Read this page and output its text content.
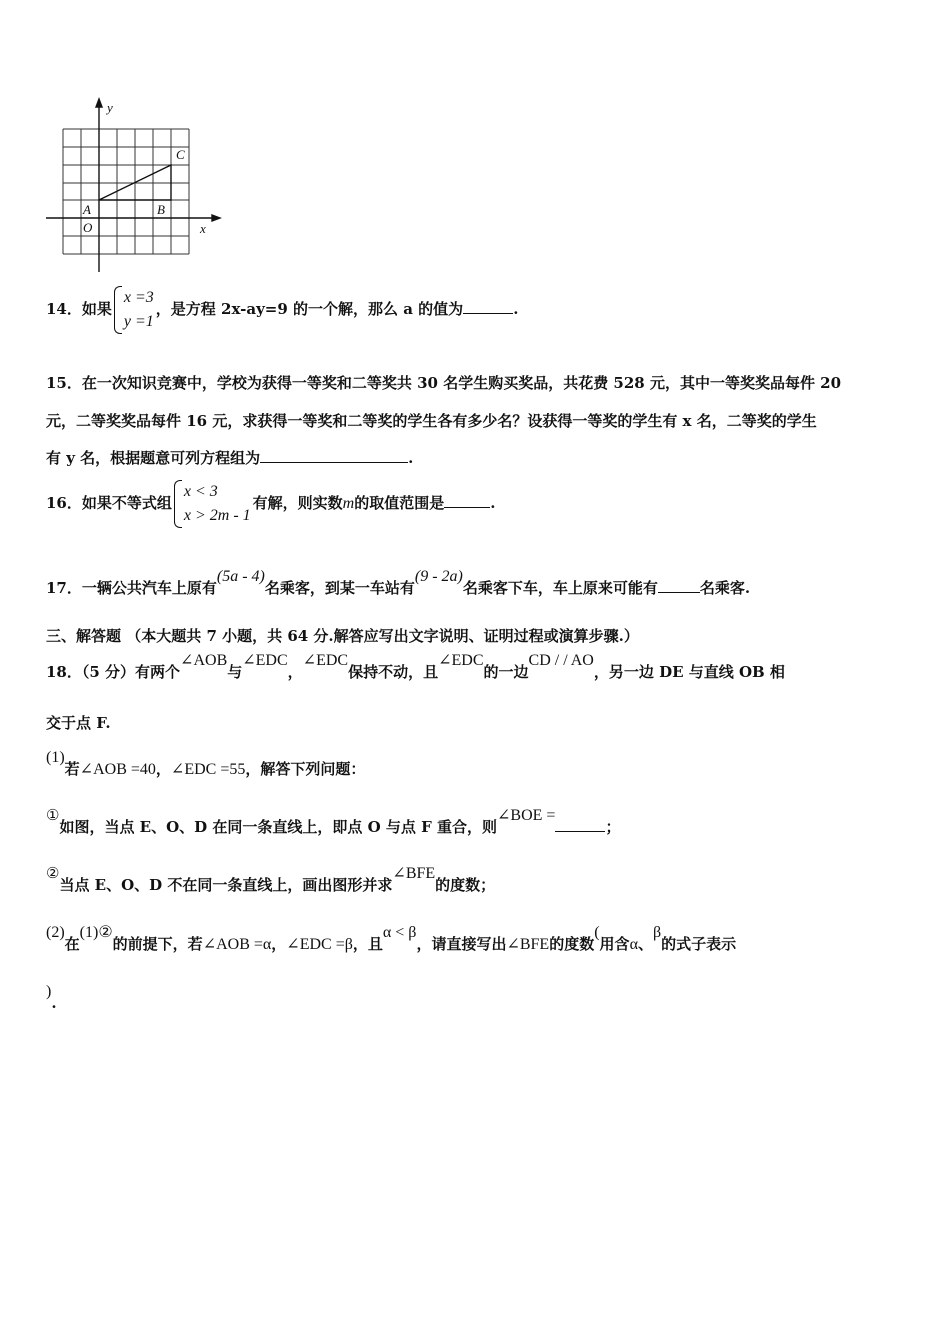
y
x
O
A	B
C
14．如果
x =3
y =1
，是方程 2x-ay=9 的一个解，那么 a 的值为	.
15．在一次知识竞赛中，学校为获得一等奖和二等奖共 30 名学生购买奖品，共花费 528 元，其中一等奖奖品每件 20
元，二等奖奖品每件 16 元，求获得一等奖和二等奖的学生各有多少名？设获得一等奖的学生有 x 名，二等奖的学生
有 y 名，根据题意可列方程组为	.
16．如果不等式组
x < 3
x > 2m - 1
有解，则实数m的取值范围是	.
17．一辆公共汽车上原有(5a - 4)名乘客，到某一车站有(9 - 2a)名乘客下车，车上原来可能有	名乘客.
三、解答题 （本大题共 7 小题，共 64 分.解答应写出文字说明、证明过程或演算步骤.）
18．（5 分）有两个∠AOB与∠EDC，∠EDC保持不动，且∠EDC的一边CD / / AO，另一边 DE 与直线 OB 相
交于点 F.
(1)若∠AOB =40，∠EDC =55，解答下列问题：
①如图，当点 E、O、D 在同一条直线上，即点 O 与点 F 重合，则∠BOE =；
②当点 E、O、D 不在同一条直线上，画出图形并求∠BFE的度数；
(2)在(1)②的前提下，若∠AOB =α，∠EDC =β，且α < β，请直接写出∠BFE的度数(用含α、β的式子表示
).
